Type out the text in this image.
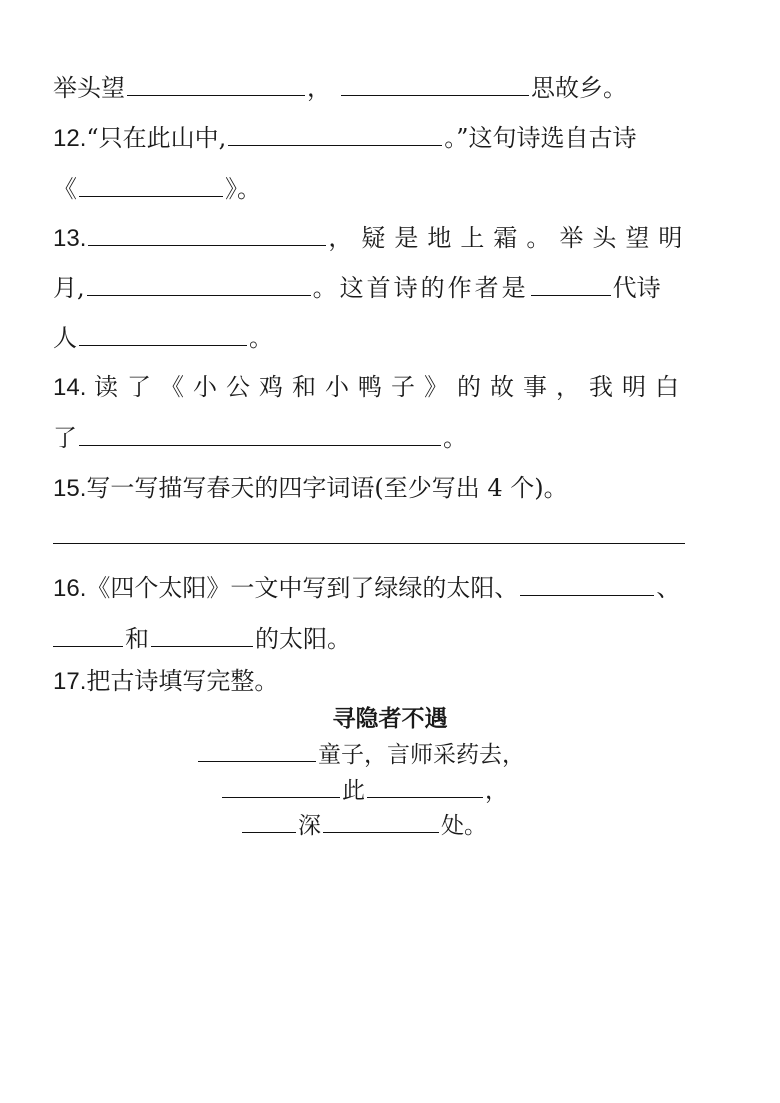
举头望	，	思故乡。
12.“只在此山中,	。”这句诗选自古诗
《	》。
13.	，疑是地上霜。举头望明
月,	。这首诗的作者是	代诗
人	。
14. 读了《小公鸡和小鸭子》的故事，我明白
了	。
15.写一写描写春天的四字词语(至少写出 4 个)。
16.《四个太阳》一文中写到了绿绿的太阳、	、
和	的太阳。
17.把古诗填写完整。
寻隐者不遇
童子，言师采药去，
此	，
深	处。
